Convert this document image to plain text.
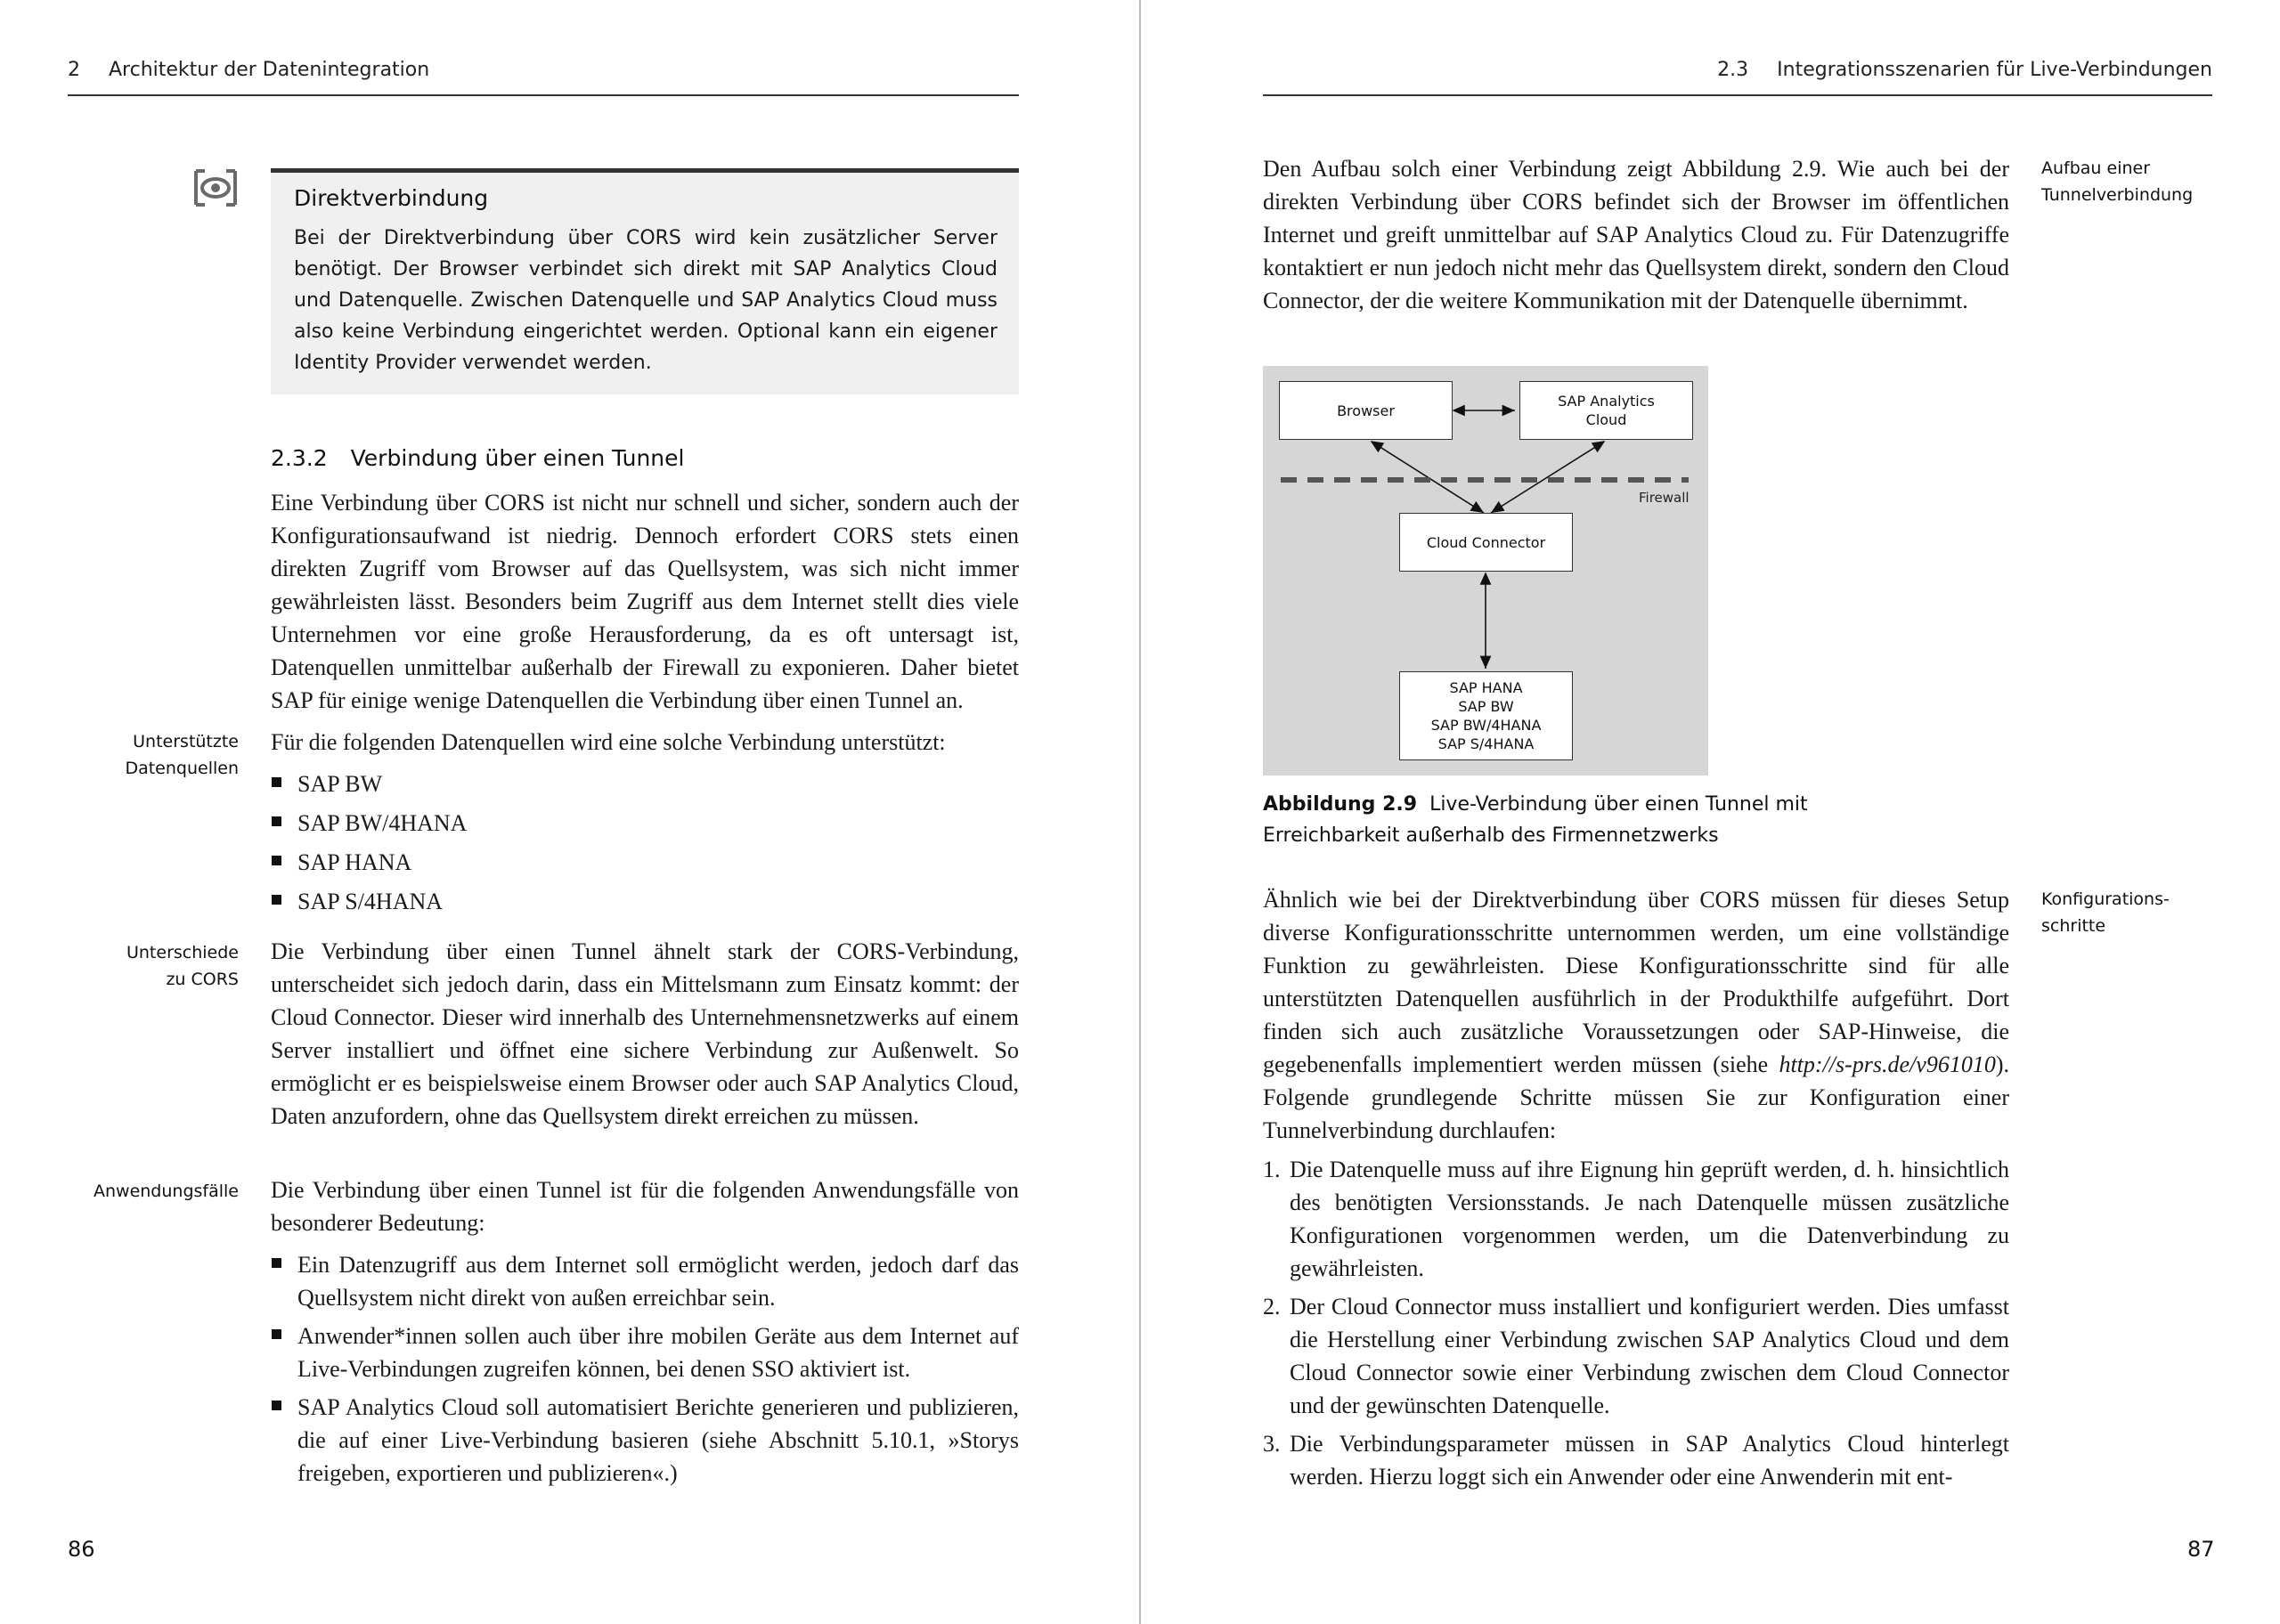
2 Architektur der Datenintegration
Direktverbindung

Bei der Direktverbindung über CORS wird kein zusätzlicher Server benötigt. Der Browser verbindet sich direkt mit SAP Analytics Cloud und Datenquelle. Zwischen Datenquelle und SAP Analytics Cloud muss also keine Verbindung eingerichtet werden. Optional kann ein eigener Identity Provider verwendet werden.

2.3.2 Verbindung über einen Tunnel

Eine Verbindung über CORS ist nicht nur schnell und sicher, sondern auch der Konfigurationsaufwand ist niedrig. Dennoch erfordert CORS stets einen direkten Zugriff vom Browser auf das Quellsystem, was sich nicht immer gewährleisten lässt. Besonders beim Zugriff aus dem Internet stellt dies viele Unternehmen vor eine große Herausforderung, da es oft untersagt ist, Datenquellen unmittelbar außerhalb der Firewall zu exponieren. Daher bietet SAP für einige wenige Datenquellen die Verbindung über einen Tunnel an.

Unterstützte
Datenquellen

Für die folgenden Datenquellen wird eine solche Verbindung unterstützt:

SAP BW
SAP BW/4HANA
SAP HANA
SAP S/4HANA
Unterschiede
zu CORS

Die Verbindung über einen Tunnel ähnelt stark der CORS-Verbindung, unterscheidet sich jedoch darin, dass ein Mittelsmann zum Einsatz kommt: der Cloud Connector. Dieser wird innerhalb des Unternehmensnetzwerks auf einem Server installiert und öffnet eine sichere Verbindung zur Außenwelt. So ermöglicht er es beispielsweise einem Browser oder auch SAP Analytics Cloud, Daten anzufordern, ohne das Quellsystem direkt erreichen zu müssen.

Anwendungsfälle Die Verbindung über einen Tunnel ist für die folgenden Anwendungsfälle von besonderer Bedeutung:

Ein Datenzugriff aus dem Internet soll ermöglicht werden, jedoch darf das Quellsystem nicht direkt von außen erreichbar sein.

Anwender*innen sollen auch über ihre mobilen Geräte aus dem Internet auf Live-Verbindungen zugreifen können, bei denen SSO aktiviert ist.

SAP Analytics Cloud soll automatisiert Berichte generieren und publizieren, die auf einer Live-Verbindung basieren (siehe Abschnitt 5.10.1, »Storys freigeben, exportieren und publizieren«.)

86
2.3 Integrationsszenarien für Live-Verbindungen

Den Aufbau solch einer Verbindung zeigt Abbildung 2.9. Wie auch bei der direkten Verbindung über CORS befindet sich der Browser im öffentlichen Internet und greift unmittelbar auf SAP Analytics Cloud zu. Für Datenzugriffe kontaktiert er nun jedoch nicht mehr das Quellsystem direkt, sondern den Cloud Connector, der die weitere Kommunikation mit der Datenquelle übernimmt.

Aufbau einer
Tunnelverbindung
Browser
SAP Analytics
Cloud
Firewall
Cloud Connector
SAP HANA
SAP BW
SAP BW/4HANA
SAP S/4HANA
Abbildung 2.9 Live-Verbindung über einen Tunnel mit
Erreichbarkeit außerhalb des Firmennetzwerks

Ähnlich wie bei der Direktverbindung über CORS müssen für dieses Setup diverse Konfigurationsschritte unternommen werden, um eine vollständige Funktion zu gewährleisten. Diese Konfigurationsschritte sind für alle unterstützten Datenquellen ausführlich in der Produkthilfe aufgeführt. Dort finden sich auch zusätzliche Voraussetzungen oder SAP-Hinweise, die gegebenenfalls implementiert werden müssen (siehe http://s-prs.de/v961010). Folgende grundlegende Schritte müssen Sie zur Konfiguration einer Tunnelverbindung durchlaufen:

Konfigurations-
schritte
1. Die Datenquelle muss auf ihre Eignung hin geprüft werden, d. h. hinsichtlich des benötigten Versionsstands. Je nach Datenquelle müssen zusätzliche Konfigurationen vorgenommen werden, um die Datenverbindung zu gewährleisten.

2. Der Cloud Connector muss installiert und konfiguriert werden. Dies umfasst die Herstellung einer Verbindung zwischen SAP Analytics Cloud und dem Cloud Connector sowie einer Verbindung zwischen dem Cloud Connector und der gewünschten Datenquelle.

3. Die Verbindungsparameter müssen in SAP Analytics Cloud hinterlegt werden. Hierzu loggt sich ein Anwender oder eine Anwenderin mit ent-

87
